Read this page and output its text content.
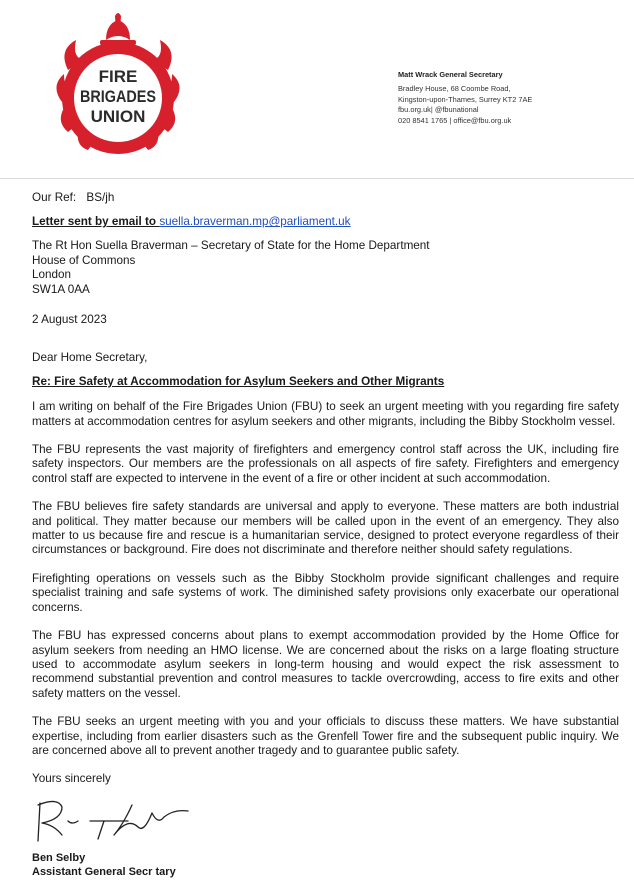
FIRE
BRIGADES
UNION
Matt Wrack General Secretary
Bradley House, 68 Coombe Road,
Kingston-upon-Thames, Surrey KT2 7AE
fbu.org.uk| @fbunational
020 8541 1765 | office@fbu.org.uk
Our Ref: BS/jh
Letter sent by email to suella.braverman.mp@parliament.uk
The Rt Hon Suella Braverman – Secretary of State for the Home Department
House of Commons
London
SW1A 0AA
2 August 2023
Dear Home Secretary,
Re: Fire Safety at Accommodation for Asylum Seekers and Other Migrants

I am writing on behalf of the Fire Brigades Union (FBU) to seek an urgent meeting with you regarding fire safety matters at accommodation centres for asylum seekers and other migrants, including the Bibby Stockholm vessel.

The FBU represents the vast majority of firefighters and emergency control staff across the UK, including fire safety inspectors. Our members are the professionals on all aspects of fire safety. Firefighters and emergency control staff are expected to intervene in the event of a fire or other incident at such accommodation.

The FBU believes fire safety standards are universal and apply to everyone. These matters are both industrial and political. They matter because our members will be called upon in the event of an emergency. They also matter to us because fire and rescue is a humanitarian service, designed to protect everyone regardless of their circumstances or background. Fire does not discriminate and therefore neither should safety regulations.

Firefighting operations on vessels such as the Bibby Stockholm provide significant challenges and require specialist training and safe systems of work. The diminished safety provisions only exacerbate our operational concerns.

The FBU has expressed concerns about plans to exempt accommodation provided by the Home Office for asylum seekers from needing an HMO license. We are concerned about the risks on a large floating structure used to accommodate asylum seekers in long-term housing and would expect the risk assessment to recommend substantial prevention and control measures to tackle overcrowding, access to fire exits and other safety matters on the vessel.

The FBU seeks an urgent meeting with you and your officials to discuss these matters. We have substantial expertise, including from earlier disasters such as the Grenfell Tower fire and the subsequent public inquiry. We are concerned above all to prevent another tragedy and to guarantee public safety.

Yours sincerely
Ben Selby
Assistant General Secr tary
